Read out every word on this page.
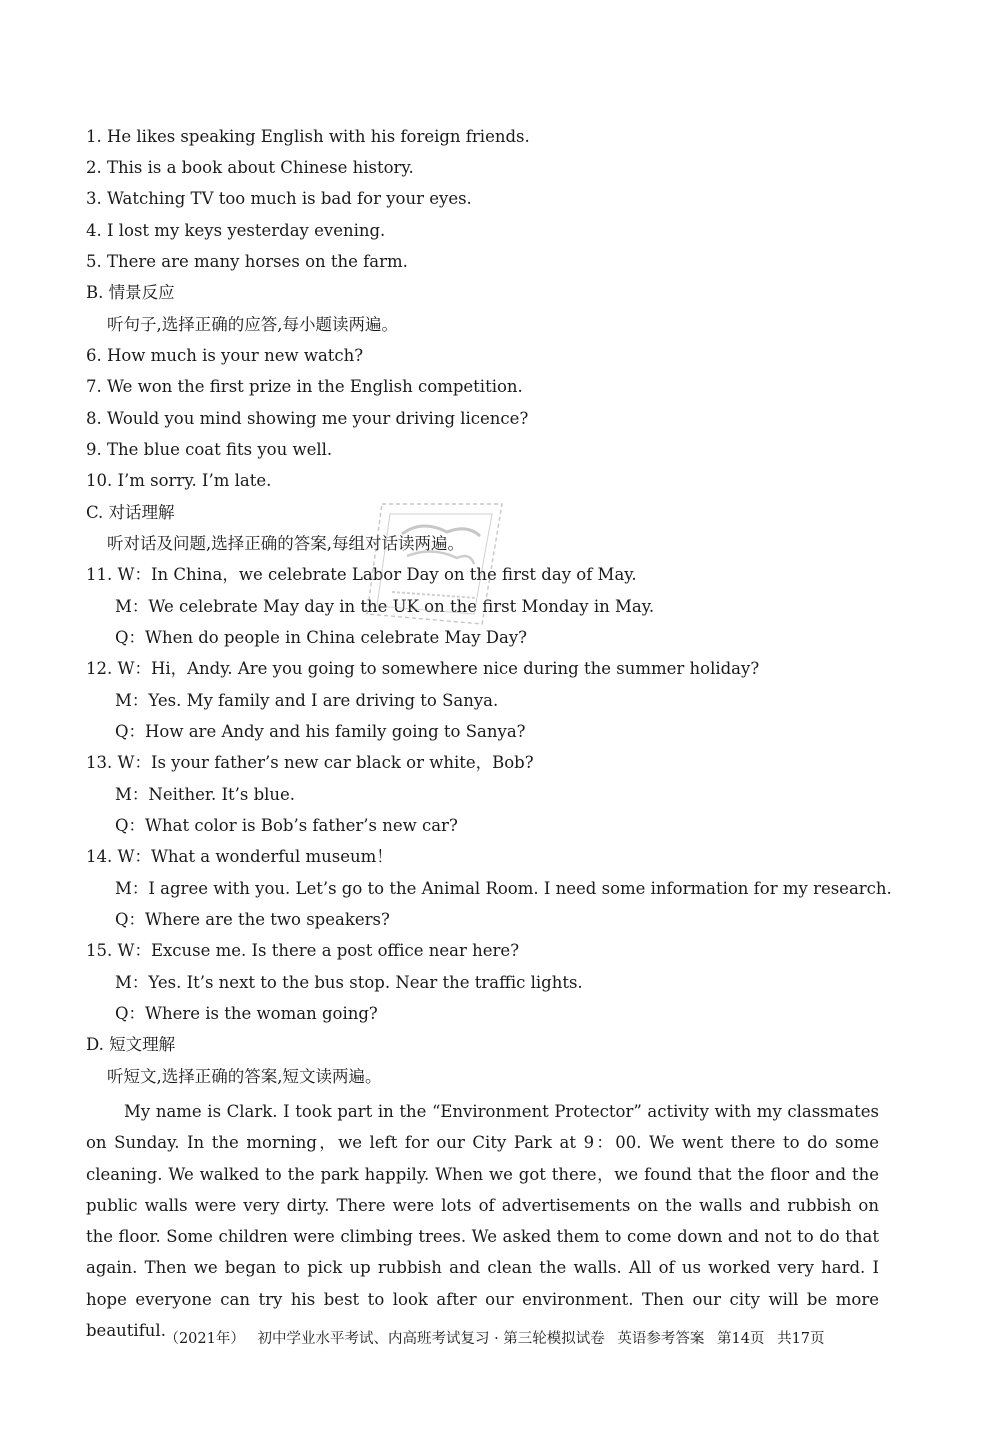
1. He likes speaking English with his foreign friends.
2. This is a book about Chinese history.
3. Watching TV too much is bad for your eyes.
4. I lost my keys yesterday evening.
5. There are many horses on the farm.
B. 情景反应
听句子,选择正确的应答,每小题读两遍。
6. How much is your new watch?
7. We won the first prize in the English competition.
8. Would you mind showing me your driving licence?
9. The blue coat fits you well.
10. I’m sorry. I’m late.
C. 对话理解
听对话及问题,选择正确的答案,每组对话读两遍。
11. W：In China，we celebrate Labor Day on the first day of May.
M：We celebrate May day in the UK on the first Monday in May.
Q：When do people in China celebrate May Day?
12. W：Hi，Andy. Are you going to somewhere nice during the summer holiday?
M：Yes. My family and I are driving to Sanya.
Q：How are Andy and his family going to Sanya?
13. W：Is your father’s new car black or white，Bob?
M：Neither. It’s blue.
Q：What color is Bob’s father’s new car?
14. W：What a wonderful museum！
M：I agree with you. Let’s go to the Animal Room. I need some information for my research.
Q：Where are the two speakers?
15. W：Excuse me. Is there a post office near here?
M：Yes. It’s next to the bus stop. Near the traffic lights.
Q：Where is the woman going?
D. 短文理解
听短文,选择正确的答案,短文读两遍。
My name is Clark. I took part in the “Environment Protector” activity with my classmates on Sunday. In the morning，we left for our City Park at 9：00. We went there to do some cleaning. We walked to the park happily. When we got there，we found that the floor and the public walls were very dirty. There were lots of advertisements on the walls and rubbish on the floor. Some children were climbing trees. We asked them to come down and not to do that again. Then we began to pick up rubbish and clean the walls. All of us worked very hard. I hope everyone can try his best to look after our environment. Then our city will be more beautiful.
（2021年） 初中学业水平考试、内高班考试复习 · 第三轮模拟试卷 英语参考答案 第14页 共17页
